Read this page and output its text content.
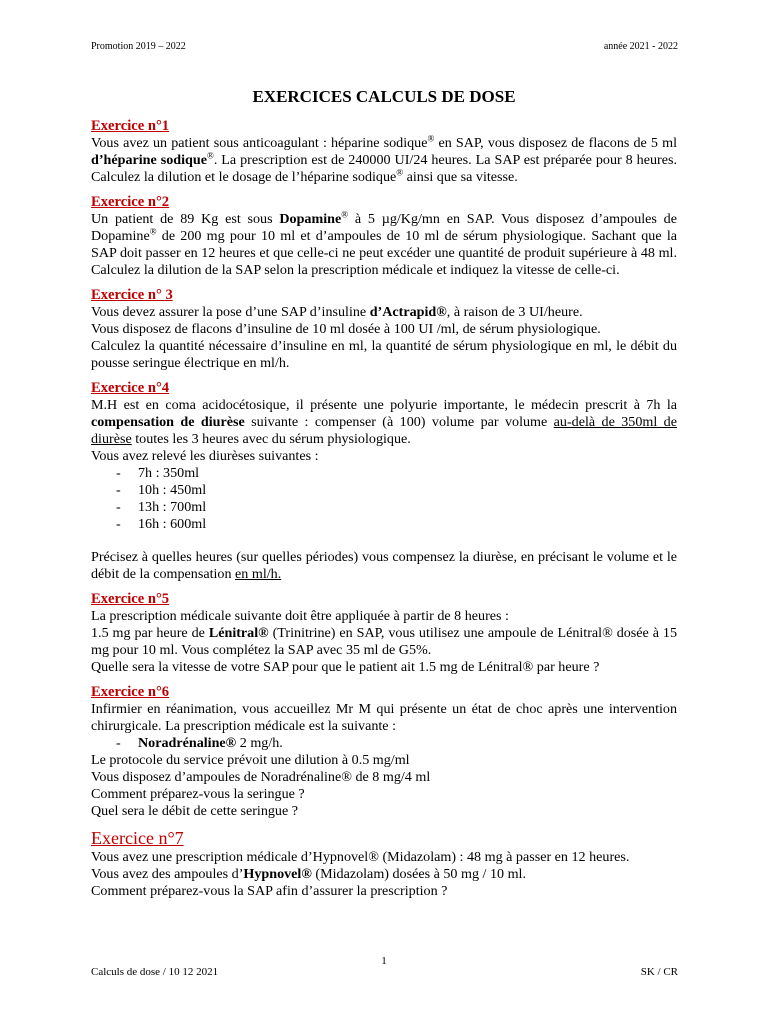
Promotion 2019 – 2022	année 2021 - 2022
EXERCICES CALCULS DE DOSE
Exercice n°1

Vous avez un patient sous anticoagulant : héparine sodique® en SAP, vous disposez de flacons de 5 ml d’héparine sodique®. La prescription est de 240000 UI/24 heures. La SAP est préparée pour 8 heures. Calculez la dilution et le dosage de l’héparine sodique® ainsi que sa vitesse.

Exercice n°2

Un patient de 89 Kg est sous Dopamine® à 5 µg/Kg/mn en SAP. Vous disposez d’ampoules de Dopamine® de 200 mg pour 10 ml et d’ampoules de 10 ml de sérum physiologique. Sachant que la SAP doit passer en 12 heures et que celle-ci ne peut excéder une quantité de produit supérieure à 48 ml. Calculez la dilution de la SAP selon la prescription médicale et indiquez la vitesse de celle-ci.

Exercice n° 3

Vous devez assurer la pose d’une SAP d’insuline d’Actrapid®, à raison de 3 UI/heure.

Vous disposez de flacons d’insuline de 10 ml dosée à 100 UI /ml, de sérum physiologique.

Calculez la quantité nécessaire d’insuline en ml, la quantité de sérum physiologique en ml, le débit du pousse seringue électrique en ml/h.

Exercice n°4

M.H est en coma acidocétosique, il présente une polyurie importante, le médecin prescrit à 7h la compensation de diurèse suivante : compenser (à 100) volume par volume au-delà de 350ml de diurèse toutes les 3 heures avec du sérum physiologique.

Vous avez relevé les diurèses suivantes :

- 7h : 350ml
- 10h : 450ml
- 13h : 700ml
- 16h : 600ml

Précisez à quelles heures (sur quelles périodes) vous compensez la diurèse, en précisant le volume et le débit de la compensation en ml/h.

Exercice n°5

La prescription médicale suivante doit être appliquée à partir de 8 heures :

1.5 mg par heure de Lénitral® (Trinitrine) en SAP, vous utilisez une ampoule de Lénitral® dosée à 15 mg pour 10 ml. Vous complétez la SAP avec 35 ml de G5%.

Quelle sera la vitesse de votre SAP pour que le patient ait 1.5 mg de Lénitral® par heure ?

Exercice n°6

Infirmier en réanimation, vous accueillez Mr M qui présente un état de choc après une intervention chirurgicale. La prescription médicale est la suivante :

- Noradrénaline® 2 mg/h.

Le protocole du service prévoit une dilution à 0.5 mg/ml

Vous disposez d’ampoules de Noradrénaline® de 8 mg/4 ml

Comment préparez-vous la seringue ?

Quel sera le débit de cette seringue ?

Exercice n°7

Vous avez une prescription médicale d’Hypnovel® (Midazolam) : 48 mg à passer en 12 heures.

Vous avez des ampoules d’Hypnovel® (Midazolam) dosées à 50 mg / 10 ml.

Comment préparez-vous la SAP afin d’assurer la prescription ?

1
Calculs de dose / 10 12 2021	SK / CR
